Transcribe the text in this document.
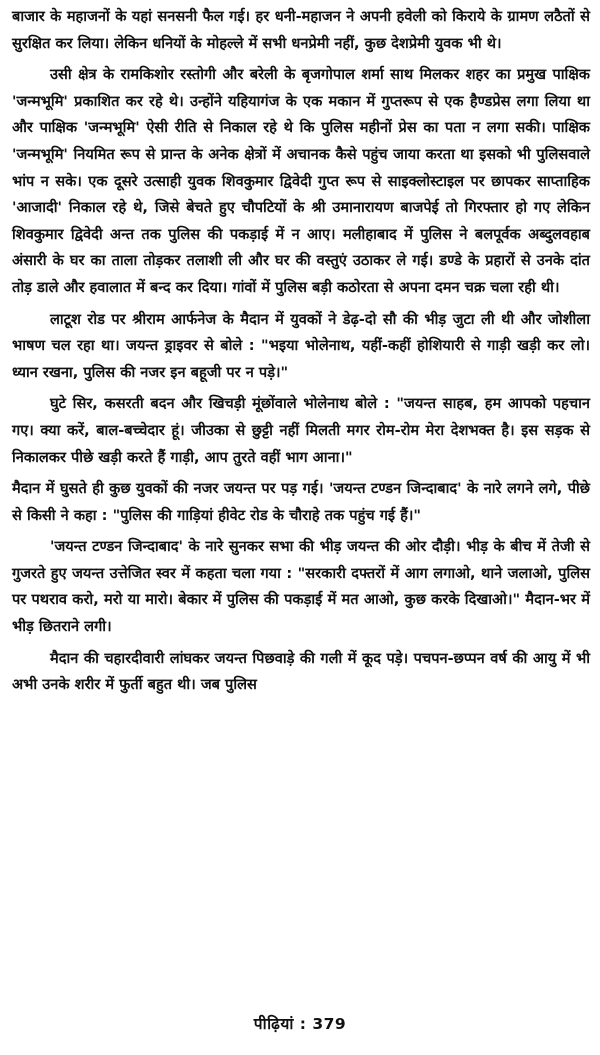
बाजार के महाजनों के यहां सनसनी फैल गई। हर धनी-महाजन ने अपनी हवेली को किराये के ग्रामण लठैतों से सुरक्षित कर लिया। लेकिन धनियों के मोहल्ले में सभी धनप्रेमी नहीं, कुछ देशप्रेमी युवक भी थे।

उसी क्षेत्र के रामकिशोर रस्तोगी और बरेली के बृजगोपाल शर्मा साथ मिलकर शहर का प्रमुख पाक्षिक 'जन्मभूमि' प्रकाशित कर रहे थे। उन्होंने यहियागंज के एक मकान में गुप्तरूप से एक हैण्डप्रेस लगा लिया था और पाक्षिक 'जन्मभूमि' ऐसी रीति से निकाल रहे थे कि पुलिस महीनों प्रेस का पता न लगा सकी। पाक्षिक 'जन्मभूमि' नियमित रूप से प्रान्त के अनेक क्षेत्रों में अचानक कैसे पहुंच जाया करता था इसको भी पुलिसवाले भांप न सके। एक दूसरे उत्साही युवक शिवकुमार द्विवेदी गुप्त रूप से साइक्लोस्टाइल पर छापकर साप्ताहिक 'आजादी' निकाल रहे थे, जिसे बेचते हुए चौपटियों के श्री उमानारायण बाजपेई तो गिरफ्तार हो गए लेकिन शिवकुमार द्विवेदी अन्त तक पुलिस की पकड़ाई में न आए। मलीहाबाद में पुलिस ने बलपूर्वक अब्दुलवहाब अंसारी के घर का ताला तोड़कर तलाशी ली और घर की वस्तुएं उठाकर ले गई। डण्डे के प्रहारों से उनके दांत तोड़ डाले और हवालात में बन्द कर दिया। गांवों में पुलिस बड़ी कठोरता से अपना दमन चक्र चला रही थी।

लाटूश रोड पर श्रीराम आर्फनेज के मैदान में युवकों ने डेढ़-दो सौ की भीड़ जुटा ली थी और जोशीला भाषण चल रहा था। जयन्त ड्राइवर से बोले : "भइया भोलेनाथ, यहीं-कहीं होशियारी से गाड़ी खड़ी कर लो। ध्यान रखना, पुलिस की नजर इन बहूजी पर न पड़े।"

घुटे सिर, कसरती बदन और खिचड़ी मूंछोंवाले भोलेनाथ बोले : "जयन्त साहब, हम आपको पहचान गए। क्या करें, बाल-बच्चेदार हूं। जीउका से छुट्टी नहीं मिलती मगर रोम-रोम मेरा देशभक्त है। इस सड़क से निकालकर पीछे खड़ी करते हैं गाड़ी, आप तुरते वहीं भाग आना।"

मैदान में घुसते ही कुछ युवकों की नजर जयन्त पर पड़ गई। 'जयन्त टण्डन जिन्दाबाद' के नारे लगने लगे, पीछे से किसी ने कहा : "पुलिस की गाड़ियां हीवेट रोड के चौराहे तक पहुंच गई हैं।"

'जयन्त टण्डन जिन्दाबाद' के नारे सुनकर सभा की भीड़ जयन्त की ओर दौड़ी। भीड़ के बीच में तेजी से गुजरते हुए जयन्त उत्तेजित स्वर में कहता चला गया : "सरकारी दफ्तरों में आग लगाओ, थाने जलाओ, पुलिस पर पथराव करो, मरो या मारो। बेकार में पुलिस की पकड़ाई में मत आओ, कुछ करके दिखाओ।" मैदान-भर में भीड़ छितराने लगी।

मैदान की चहारदीवारी लांघकर जयन्त पिछवाड़े की गली में कूद पड़े। पचपन-छप्पन वर्ष की आयु में भी अभी उनके शरीर में फुर्ती बहुत थी। जब पुलिस

पीढ़ियां : 379
